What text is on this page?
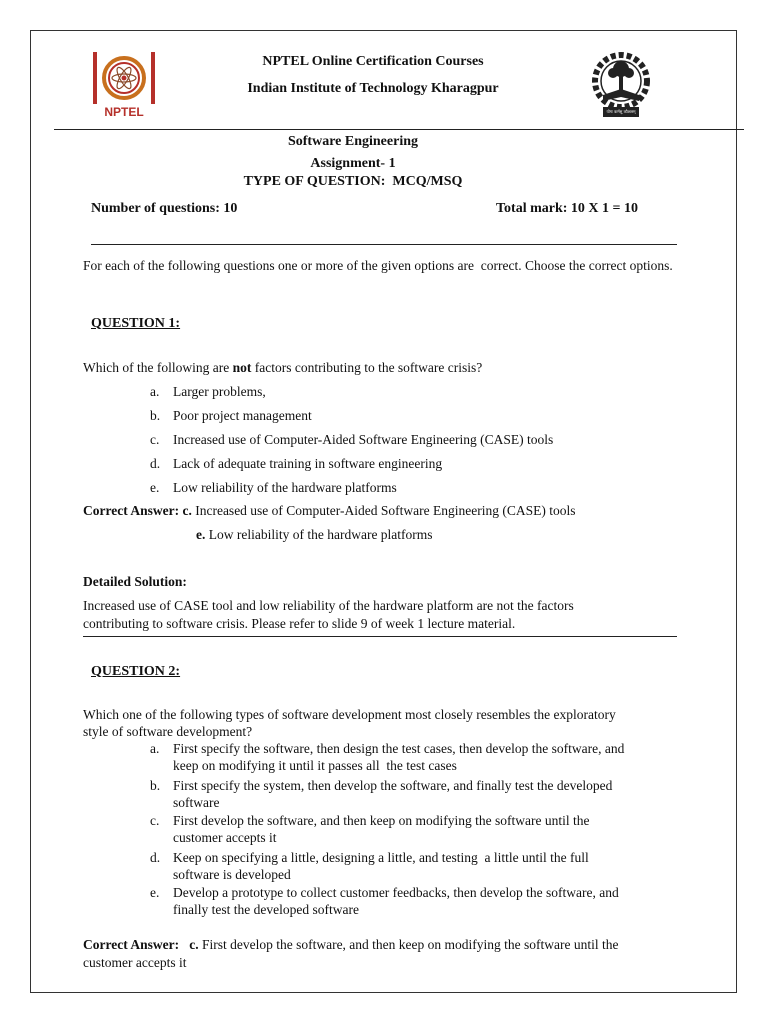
NPTEL
NPTEL Online Certification Courses
Indian Institute of Technology Kharagpur
योगः कर्मसु कौशलम्
Software Engineering
Assignment- 1
TYPE OF QUESTION:  MCQ/MSQ
Number of questions: 10	Total mark: 10 X 1 = 10
For each of the following questions one or more of the given options are  correct. Choose the correct options.
QUESTION 1:
Which of the following are not factors contributing to the software crisis?
a.	Larger problems,
b. Poor project management
c.	Increased use of Computer-Aided Software Engineering (CASE) tools
d. Lack of adequate training in software engineering
e.	Low reliability of the hardware platforms
Correct Answer: c. Increased use of Computer-Aided Software Engineering (CASE) tools
e. Low reliability of the hardware platforms
Detailed Solution:
Increased use of CASE tool and low reliability of the hardware platform are not the factors
contributing to software crisis. Please refer to slide 9 of week 1 lecture material.
QUESTION 2:
Which one of the following types of software development most closely resembles the exploratory
style of software development?
a.	First specify the software, then design the test cases, then develop the software, and
keep on modifying it until it passes all  the test cases
b. First specify the system, then develop the software, and finally test the developed
software
c.	First develop the software, and then keep on modifying the software until the
customer accepts it
d. Keep on specifying a little, designing a little, and testing  a little until the full
software is developed
e.	Develop a prototype to collect customer feedbacks, then develop the software, and
finally test the developed software
Correct Answer: c. First develop the software, and then keep on modifying the software until the
customer accepts it
